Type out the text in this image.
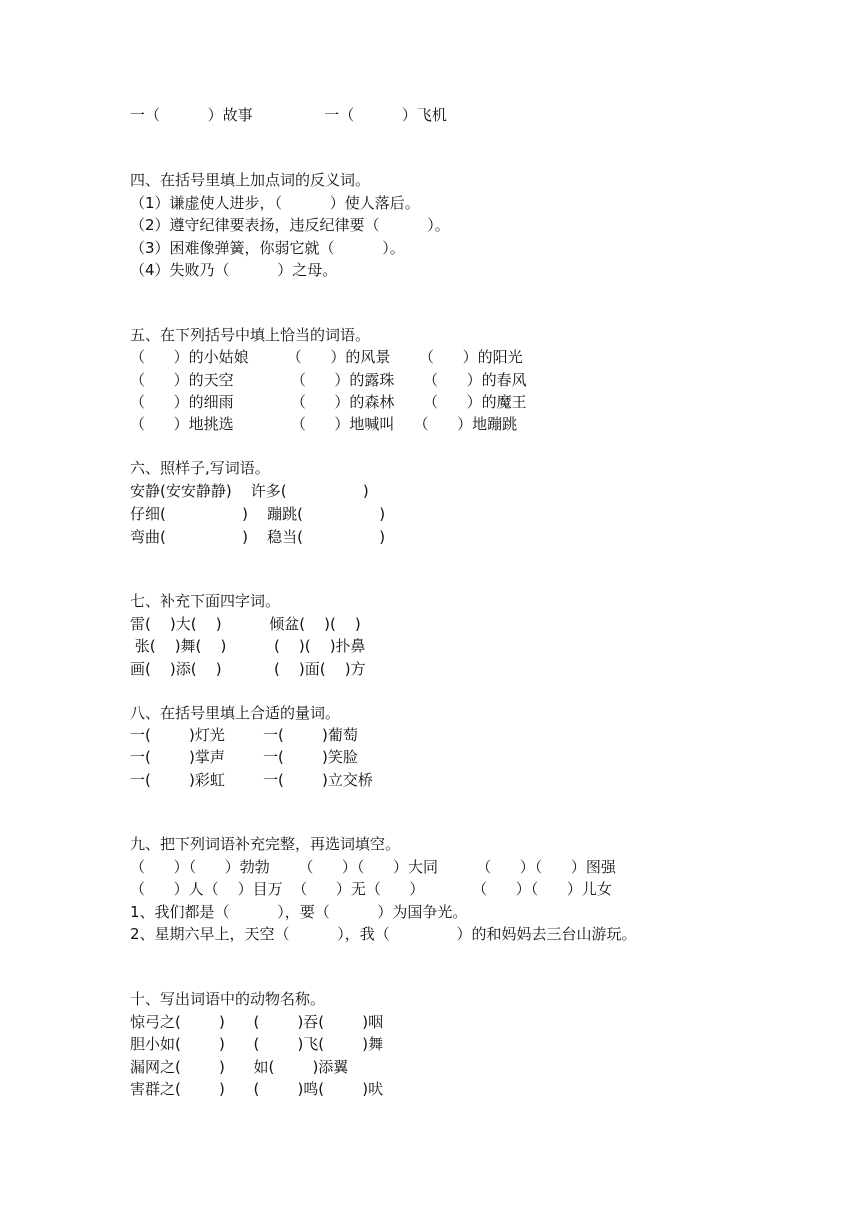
一（          ）故事               一（          ）飞机
四、在括号里填上加点词的反义词。
（1）谦虚使人进步，（          ）使人落后。
（2）遵守纪律要表扬，违反纪律要（          ）。
（3）困难像弹簧，你弱它就（          ）。
（4）失败乃（          ）之母。
五、在下列括号中填上恰当的词语。
（      ）的小姑娘        （      ）的风景      （      ）的阳光
（      ）的天空            （      ）的露珠      （      ）的春风
（      ）的细雨            （      ）的森林      （      ）的魔王
（      ）地挑选            （      ）地喊叫    （      ）地蹦跳
六、照样子,写词语。
安静(安安静静)    许多(                )
仔细(                )    蹦跳(                )
弯曲(                )    稳当(                )
七、补充下面四字词。
雷(    )大(    )          倾盆(    )(    )
张(    )舞(    )          (    )(    )扑鼻
画(    )添(    )           (    )面(    )方
八、在括号里填上合适的量词。
一(        )灯光        一(        )葡萄
一(        )掌声        一(        )笑脸
一(        )彩虹        一(        )立交桥
九、把下列词语补充完整，再选词填空。
（      ）（      ）勃勃      （      ）（      ）大同        （      ）（      ）图强
（      ）人（    ）目万  （      ）无（      ）          （      ）（      ）儿女
1、我们都是（          ），要（          ）为国争光。
2、星期六早上，天空（          ），我（              ）的和妈妈去三台山游玩。
十、写出词语中的动物名称。
惊弓之(        )      (        )吞(        )咽
胆小如(        )      (        )飞(        )舞
漏网之(        )      如(        )添翼
害群之(        )      (        )鸣(        )吠
